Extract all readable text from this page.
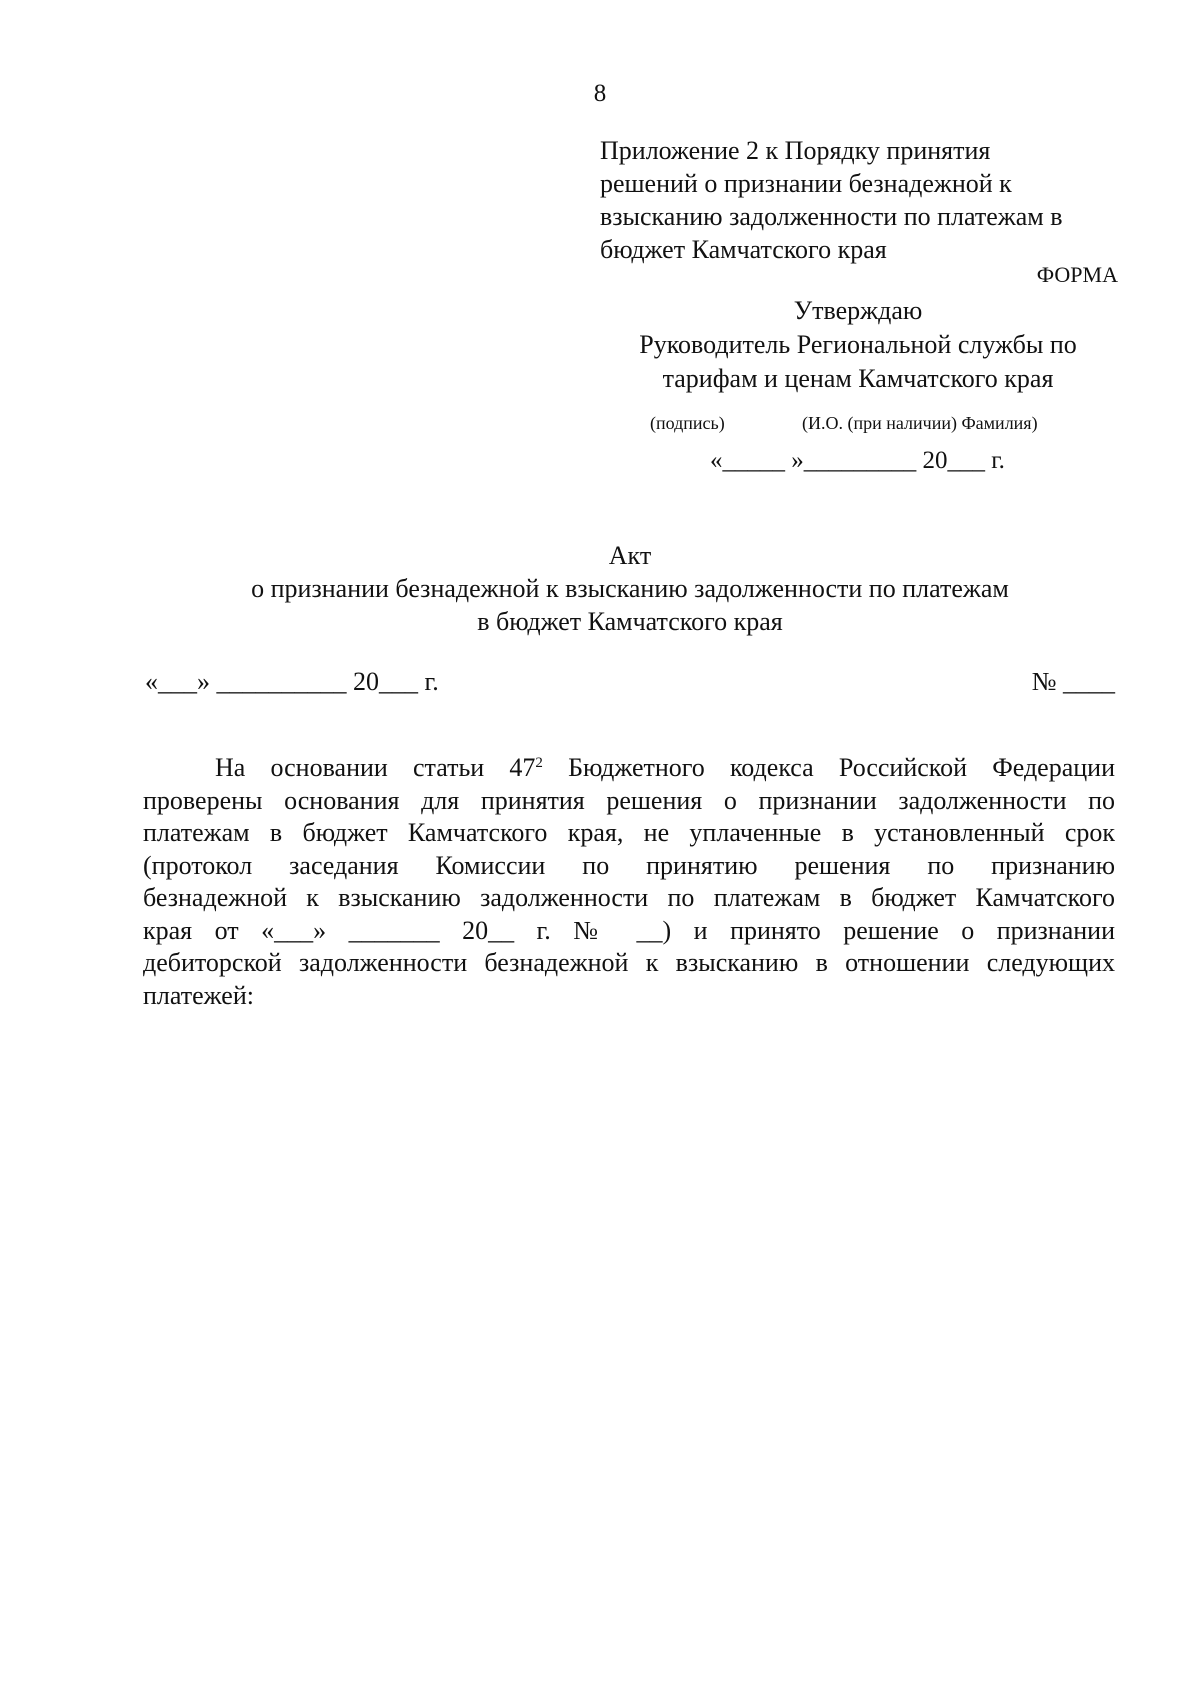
8
Приложение 2 к Порядку принятия
решений о признании безнадежной к
взысканию задолженности по платежам в
бюджет Камчатского края
ФОРМА
Утверждаю
Руководитель Региональной службы по
тарифам и ценам Камчатского края
(подпись)	(И.О. (при наличии) Фамилия)
«_____ »_________ 20___ г.
Акт
о признании безнадежной к взысканию задолженности по платежам
в бюджет Камчатского края
«___» __________ 20___ г.	№ ____
На основании статьи $47^2$ Бюджетного кодекса Российской Федерации
проверены основания для принятия решения о признании задолженности по
платежам в бюджет Камчатского края, не уплаченные в установленный срок
(протокол заседания Комиссии по принятию решения по признанию
безнадежной к взысканию задолженности по платежам в бюджет Камчатского
края от «___» _______ 20__ г. № __) и принято решение о признании
дебиторской задолженности безнадежной к взысканию в отношении следующих
платежей:
